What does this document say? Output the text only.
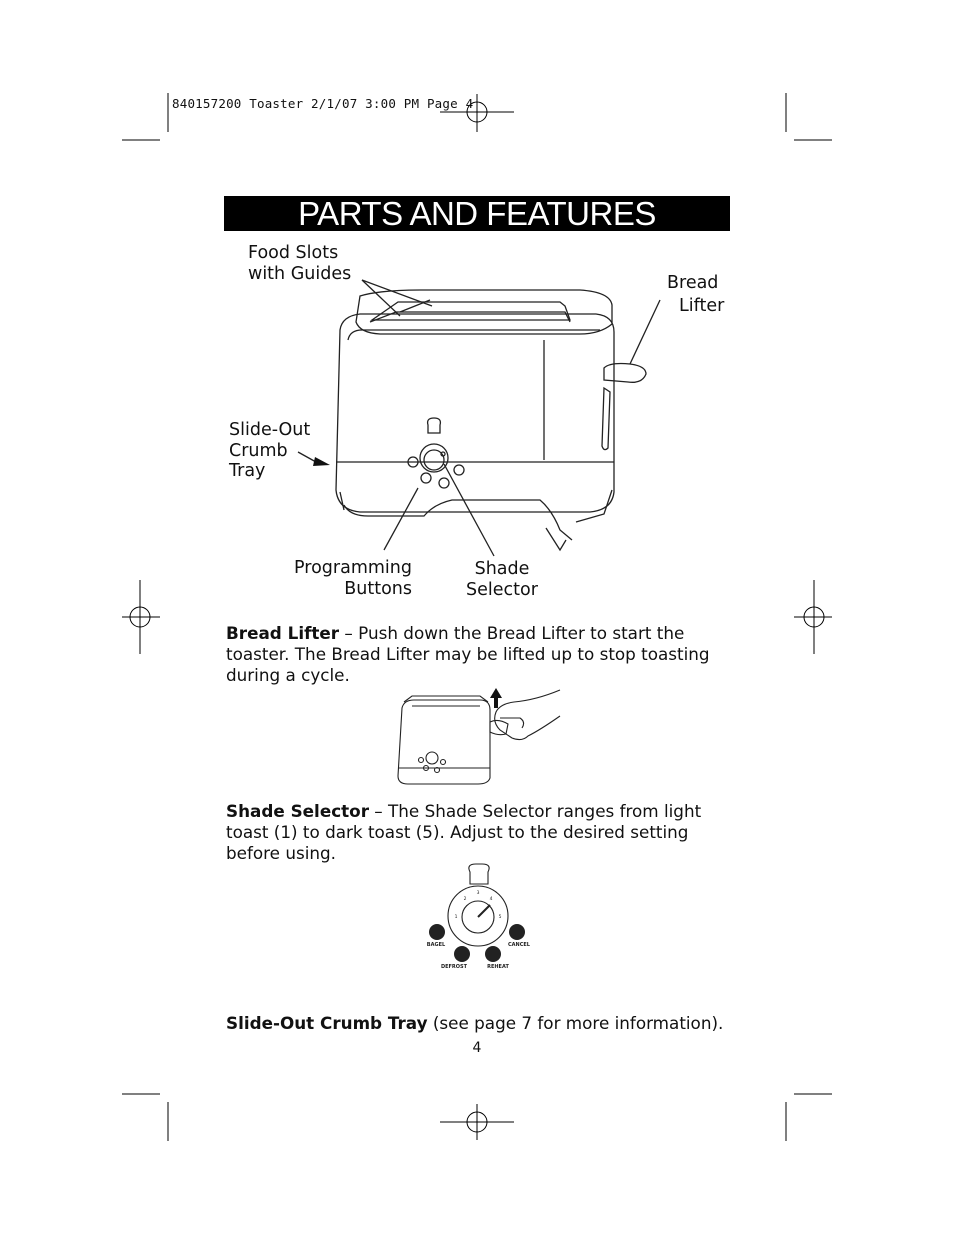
840157200 Toaster 2/1/07 3:00 PM Page 4
PARTS AND FEATURES
Food Slots
with Guides	Bread
Lifter
Slide-Out
Crumb
Tray
Programming
Buttons
Shade
Selector
Bread Lifter – Push down the Bread Lifter to start the toaster. The Bread Lifter may be lifted up to stop toasting during a cycle.
Shade Selector – The Shade Selector ranges from light toast (1) to dark toast (5). Adjust to the desired setting before using.
1
2
3
4
5
BAGEL	CANCEL
DEFROST	REHEAT
Slide-Out Crumb Tray (see page 7 for more information).
4
